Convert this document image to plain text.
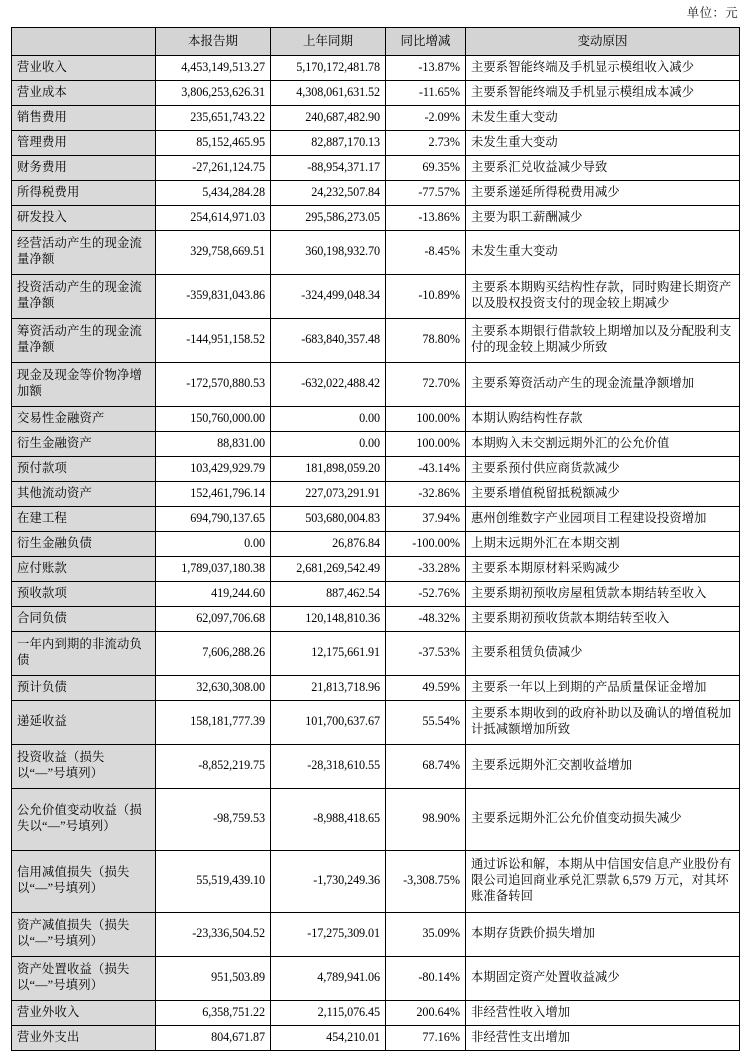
单位：元
	本报告期	上年同期	同比增减	变动原因
营业收入	4,453,149,513.27	5,170,172,481.78	-13.87%	主要系智能终端及手机显示模组收入减少
营业成本	3,806,253,626.31	4,308,061,631.52	-11.65%	主要系智能终端及手机显示模组成本减少
销售费用	235,651,743.22	240,687,482.90	-2.09%	未发生重大变动
管理费用	85,152,465.95	82,887,170.13	2.73%	未发生重大变动
财务费用	-27,261,124.75	-88,954,371.17	69.35%	主要系汇兑收益减少导致
所得税费用	5,434,284.28	24,232,507.84	-77.57%	主要系递延所得税费用减少
研发投入	254,614,971.03	295,586,273.05	-13.86%	主要为职工薪酬减少
经营活动产生的现金流量净额	329,758,669.51	360,198,932.70	-8.45%	未发生重大变动
投资活动产生的现金流量净额	-359,831,043.86	-324,499,048.34	-10.89%	主要系本期购买结构性存款，同时购建长期资产以及股权投资支付的现金较上期减少
筹资活动产生的现金流量净额	-144,951,158.52	-683,840,357.48	78.80%	主要系本期银行借款较上期增加以及分配股利支付的现金较上期减少所致
现金及现金等价物净增加额	-172,570,880.53	-632,022,488.42	72.70%	主要系筹资活动产生的现金流量净额增加
交易性金融资产	150,760,000.00	0.00	100.00%	本期认购结构性存款
衍生金融资产	88,831.00	0.00	100.00%	本期购入未交割远期外汇的公允价值
预付款项	103,429,929.79	181,898,059.20	-43.14%	主要系预付供应商货款减少
其他流动资产	152,461,796.14	227,073,291.91	-32.86%	主要系增值税留抵税额减少
在建工程	694,790,137.65	503,680,004.83	37.94%	惠州创维数字产业园项目工程建设投资增加
衍生金融负债	0.00	26,876.84	-100.00%	上期末远期外汇在本期交割
应付账款	1,789,037,180.38	2,681,269,542.49	-33.28%	主要系本期原材料采购减少
预收款项	419,244.60	887,462.54	-52.76%	主要系期初预收房屋租赁款本期结转至收入
合同负债	62,097,706.68	120,148,810.36	-48.32%	主要系期初预收货款本期结转至收入
一年内到期的非流动负债	7,606,288.26	12,175,661.91	-37.53%	主要系租赁负债减少
预计负债	32,630,308.00	21,813,718.96	49.59%	主要系一年以上到期的产品质量保证金增加
递延收益	158,181,777.39	101,700,637.67	55.54%	主要系本期收到的政府补助以及确认的增值税加计抵减额增加所致
投资收益（损失以“—”号填列）	-8,852,219.75	-28,318,610.55	68.74%	主要系远期外汇交割收益增加
公允价值变动收益（损失以“—”号填列）	-98,759.53	-8,988,418.65	98.90%	主要系远期外汇公允价值变动损失减少
信用减值损失（损失以“—”号填列）	55,519,439.10	-1,730,249.36	-3,308.75%	通过诉讼和解，本期从中信国安信息产业股份有限公司追回商业承兑汇票款 6,579 万元，对其坏账准备转回
资产减值损失（损失以“—”号填列）	-23,336,504.52	-17,275,309.01	35.09%	本期存货跌价损失增加
资产处置收益（损失以“—”号填列）	951,503.89	4,789,941.06	-80.14%	本期固定资产处置收益减少
营业外收入	6,358,751.22	2,115,076.45	200.64%	非经营性收入增加
营业外支出	804,671.87	454,210.01	77.16%	非经营性支出增加
